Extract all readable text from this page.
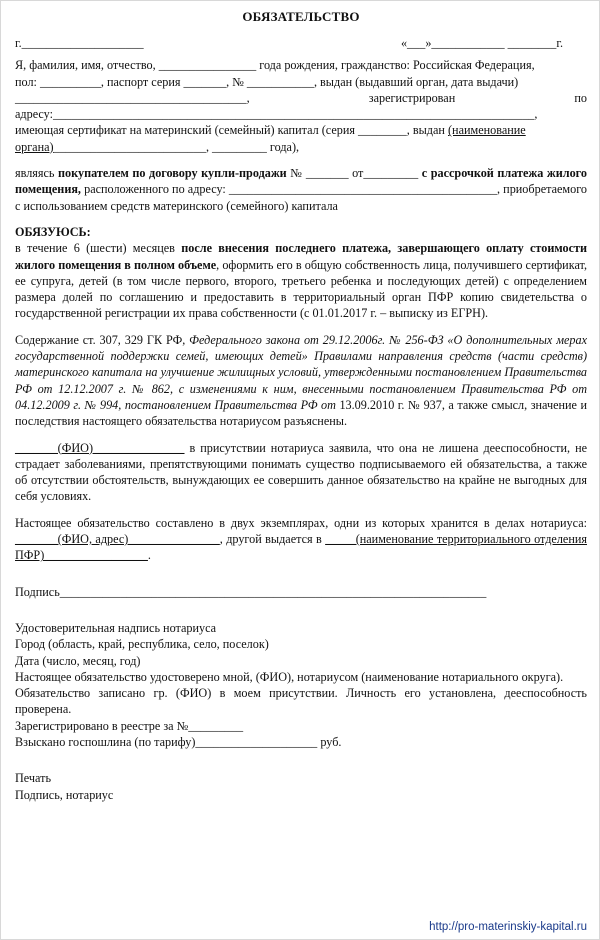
ОБЯЗАТЕЛЬСТВО
г.____________________	«___»____________ ________г.

Я, фамилия, имя, отчество, ________________ года рождения, гражданство: Российская Федерация,

пол: __________, паспорт серия _______, № ___________, выдан (выдавший орган, дата выдачи)

______________________________________,	зарегистрирован	по

адресу:_______________________________________________________________________________,

имеющая сертификат на материнский (семейный) капитал (серия ________, выдан (наименование

органа)_________________________, _________ года),

являясь покупателем по договору купли-продажи № _______ от_________ с рассрочкой платежа жилого помещения, расположенного по адресу: ____________________________________________, приобретаемого с использованием средств материнского (семейного) капитала

ОБЯЗУЮСЬ:

в течение 6 (шести) месяцев после внесения последнего платежа, завершающего оплату стоимости жилого помещения в полном объеме, оформить его в общую собственность лица, получившего сертификат, ее супруга, детей (в том числе первого, второго, третьего ребенка и последующих детей) с определением размера долей по соглашению и предоставить в территориальный орган ПФР копию свидетельства о государственной регистрации их права собственности (с 01.01.2017 г. – выписку из ЕГРН).

Содержание ст. 307, 329 ГК РФ, Федерального закона от 29.12.2006г. № 256-ФЗ «О дополнительных мерах государственной поддержки семей, имеющих детей» Правилами направления средств (части средств) материнского капитала на улучшение жилищных условий, утвержденными постановлением Правительства РФ от 12.12.2007 г. № 862, с изменениями к ним, внесенными постановлением Правительства РФ от 04.12.2009 г. № 994, постановлением Правительства РФ от 13.09.2010 г. № 937, а также смысл, значение и последствия настоящего обязательства нотариусом разъяснены.

_______(ФИО)_______________ в присутствии нотариуса заявила, что она не лишена дееспособности, не страдает заболеваниями, препятствующими понимать существо подписываемого ей обязательства, а также об отсутствии обстоятельств, вынуждающих ее совершить данное обязательство на крайне не выгодных для себя условиях.

Настоящее обязательство составлено в двух экземплярах, одни из которых хранится в делах нотариуса: _______(ФИО, адрес)_______________, другой выдается в _____(наименование территориального отделения ПФР)_________________.

Подпись______________________________________________________________________

Удостоверительная надпись нотариуса

Город (область, край, республика, село, поселок)

Дата (число, месяц, год)

Настоящее обязательство удостоверено мной, (ФИО), нотариусом (наименование нотариального округа).

Обязательство записано гр. (ФИО) в моем присутствии. Личность его установлена, дееспособность проверена.

Зарегистрировано в реестре за №_________

Взыскано госпошлина (по тарифу)____________________ руб.

Печать

Подпись, нотариус

http://pro-materinskiy-kapital.ru
